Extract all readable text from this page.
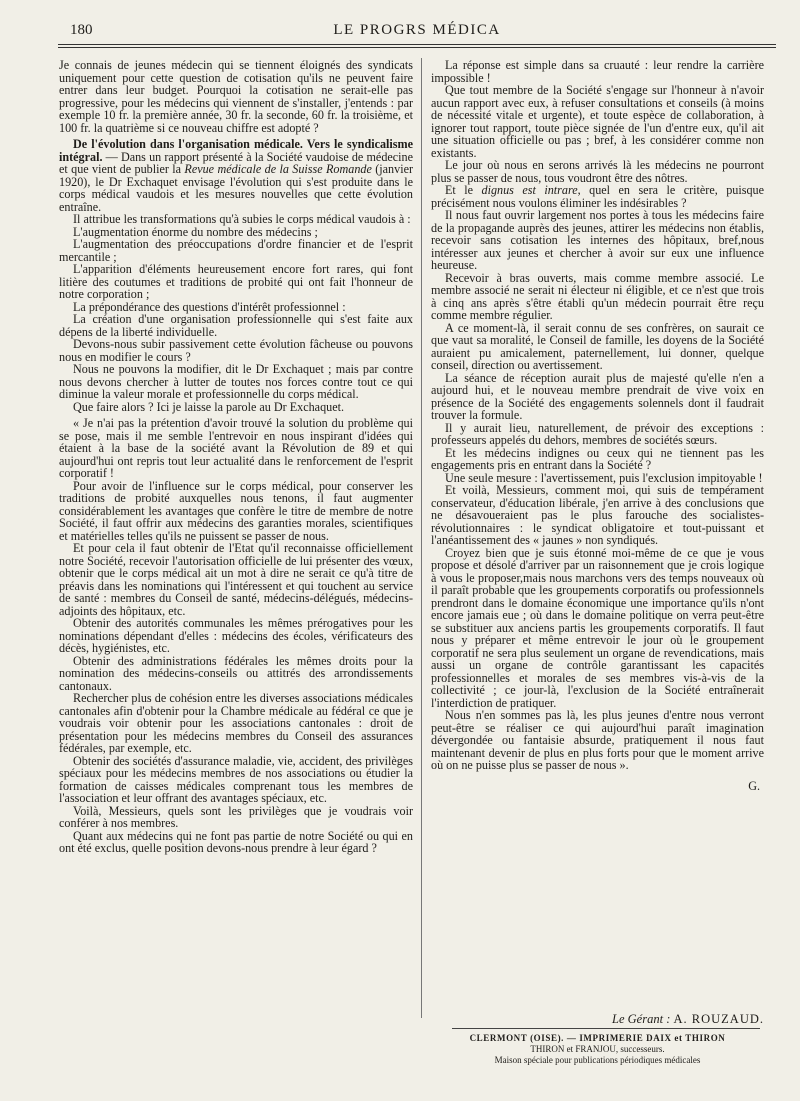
180	LE PROGRS MÉDICA

Je connais de jeunes médecin qui se tiennent éloignés des syndicats uniquement pour cette question de cotisation qu'ils ne peuvent faire entrer dans leur budget. Pourquoi la cotisation ne serait-elle pas progressive, pour les médecins qui viennent de s'installer, j'entends : par exemple 10 fr. la première année, 30 fr. la seconde, 60 fr. la troisième, et 100 fr. la quatrième si ce nouveau chiffre est adopté ?

De l'évolution dans l'organisation médicale. Vers le syndicalisme intégral. — Dans un rapport présenté à la Société vaudoise de médecine et que vient de publier la Revue médicale de la Suisse Romande (janvier 1920), le Dr Exchaquet envisage l'évolution qui s'est produite dans le corps médical vaudois et les mesures nouvelles que cette évolution entraîne.

Il attribue les transformations qu'à subies le corps médical vaudois à :

L'augmentation énorme du nombre des médecins ;

L'augmentation des préoccupations d'ordre financier et de l'esprit mercantile ;

L'apparition d'éléments heureusement encore fort rares, qui font litière des coutumes et traditions de probité qui ont fait l'honneur de notre corporation ;

La prépondérance des questions d'intérêt professionnel :

La création d'une organisation professionnelle qui s'est faite aux dépens de la liberté individuelle.

Devons-nous subir passivement cette évolution fâcheuse ou pouvons nous en modifier le cours ?

Nous ne pouvons la modifier, dit le Dr Exchaquet ; mais par contre nous devons chercher à lutter de toutes nos forces contre tout ce qui diminue la valeur morale et professionnelle du corps médical.

Que faire alors ? Ici je laisse la parole au Dr Exchaquet.

« Je n'ai pas la prétention d'avoir trouvé la solution du problème qui se pose, mais il me semble l'entrevoir en nous inspirant d'idées qui étaient à la base de la société avant la Révolution de 89 et qui aujourd'hui ont repris tout leur actualité dans le renforcement de l'esprit corporatif !

Pour avoir de l'influence sur le corps médical, pour conserver les traditions de probité auxquelles nous tenons, il faut augmenter considérablement les avantages que confère le titre de membre de notre Société, il faut offrir aux médecins des garanties morales, scientifiques et matérielles telles qu'ils ne puissent se passer de nous.

Et pour cela il faut obtenir de l'Etat qu'il reconnaisse officiellement notre Société, recevoir l'autorisation officielle de lui présenter des vœux, obtenir que le corps médical ait un mot à dire ne serait ce qu'à titre de préavis dans les nominations qui l'intéressent et qui touchent au service de santé : membres du Conseil de santé, médecins-délégués, médecins-adjoints des hôpitaux, etc.

Obtenir des autorités communales les mêmes prérogatives pour les nominations dépendant d'elles : médecins des écoles, vérificateurs des décès, hygiénistes, etc.

Obtenir des administrations fédérales les mêmes droits pour la nomination des médecins-conseils ou attitrés des arrondissements cantonaux.

Rechercher plus de cohésion entre les diverses associations médicales cantonales afin d'obtenir pour la Chambre médicale au fédéral ce que je voudrais voir obtenir pour les associations cantonales : droit de présentation pour les médecins membres du Conseil des assurances fédérales, par exemple, etc.

Obtenir des sociétés d'assurance maladie, vie, accident, des privilèges spéciaux pour les médecins membres de nos associations ou étudier la formation de caisses médicales comprenant tous les membres de l'association et leur offrant des avantages spéciaux, etc.

Voilà, Messieurs, quels sont les privilèges que je voudrais voir conférer à nos membres.

Quant aux médecins qui ne font pas partie de notre Société ou qui en ont été exclus, quelle position devons-nous prendre à leur égard ?

La réponse est simple dans sa cruauté : leur rendre la carrière impossible !

Que tout membre de la Société s'engage sur l'honneur à n'avoir aucun rapport avec eux, à refuser consultations et conseils (à moins de nécessité vitale et urgente), et toute espèce de collaboration, à ignorer tout rapport, toute pièce signée de l'un d'entre eux, qu'il ait une situation officielle ou pas ; bref, à les considérer comme non existants.

Le jour où nous en serons arrivés là les médecins ne pourront plus se passer de nous, tous voudront être des nôtres.

Et le dignus est intrare, quel en sera le critère, puisque précisément nous voulons éliminer les indésirables ?

Il nous faut ouvrir largement nos portes à tous les médecins faire de la propagande auprès des jeunes, attirer les médecins non établis, recevoir sans cotisation les internes des hôpitaux, bref,nous intéresser aux jeunes et chercher à avoir sur eux une influence heureuse.

Recevoir à bras ouverts, mais comme membre associé. Le membre associé ne serait ni électeur ni éligible, et ce n'est que trois à cinq ans après s'être établi qu'un médecin pourrait être reçu comme membre régulier.

A ce moment-là, il serait connu de ses confrères, on saurait ce que vaut sa moralité, le Conseil de famille, les doyens de la Société auraient pu amicalement, paternellement, lui donner, quelque conseil, direction ou avertissement.

La séance de réception aurait plus de majesté qu'elle n'en a aujourd hui, et le nouveau membre prendrait de vive voix en présence de la Société des engagements solennels dont il faudrait trouver la formule.

Il y aurait lieu, naturellement, de prévoir des exceptions : professeurs appelés du dehors, membres de sociétés sœurs.

Et les médecins indignes ou ceux qui ne tiennent pas les engagements pris en entrant dans la Société ?

Une seule mesure : l'avertissement, puis l'exclusion impitoyable !

Et voilà, Messieurs, comment moi, qui suis de tempérament conservateur, d'éducation libérale, j'en arrive à des conclusions que ne désavoueraient pas le plus farouche des socialistes-révolutionnaires : le syndicat obligatoire et tout-puissant et l'anéantissement des « jaunes » non syndiqués.

Croyez bien que je suis étonné moi-même de ce que je vous propose et désolé d'arriver par un raisonnement que je crois logique à vous le proposer,mais nous marchons vers des temps nouveaux où il paraît probable que les groupements corporatifs ou professionnels prendront dans le domaine économique une importance qu'ils n'ont encore jamais eue ; où dans le domaine politique on verra peut-être se substituer aux anciens partis les groupements corporatifs. Il faut nous y préparer et même entrevoir le jour où le groupement corporatif ne sera plus seulement un organe de revendications, mais aussi un organe de contrôle garantissant les capacités professionnelles et morales de ses membres vis-à-vis de la collectivité ; ce jour-là, l'exclusion de la Société entraînerait l'interdiction de pratiquer.

Nous n'en sommes pas là, les plus jeunes d'entre nous verront peut-être se réaliser ce qui aujourd'hui paraît imagination dévergondée ou fantaisie absurde, pratiquement il nous faut maintenant devenir de plus en plus forts pour que le moment arrive où on ne puisse plus se passer de nous ».

G.
Le Gérant : A. ROUZAUD.
CLERMONT (OISE). — IMPRIMERIE DAIX et THIRON
THIRON et FRANJOU, successeurs.
Maison spéciale pour publications périodiques médicales
